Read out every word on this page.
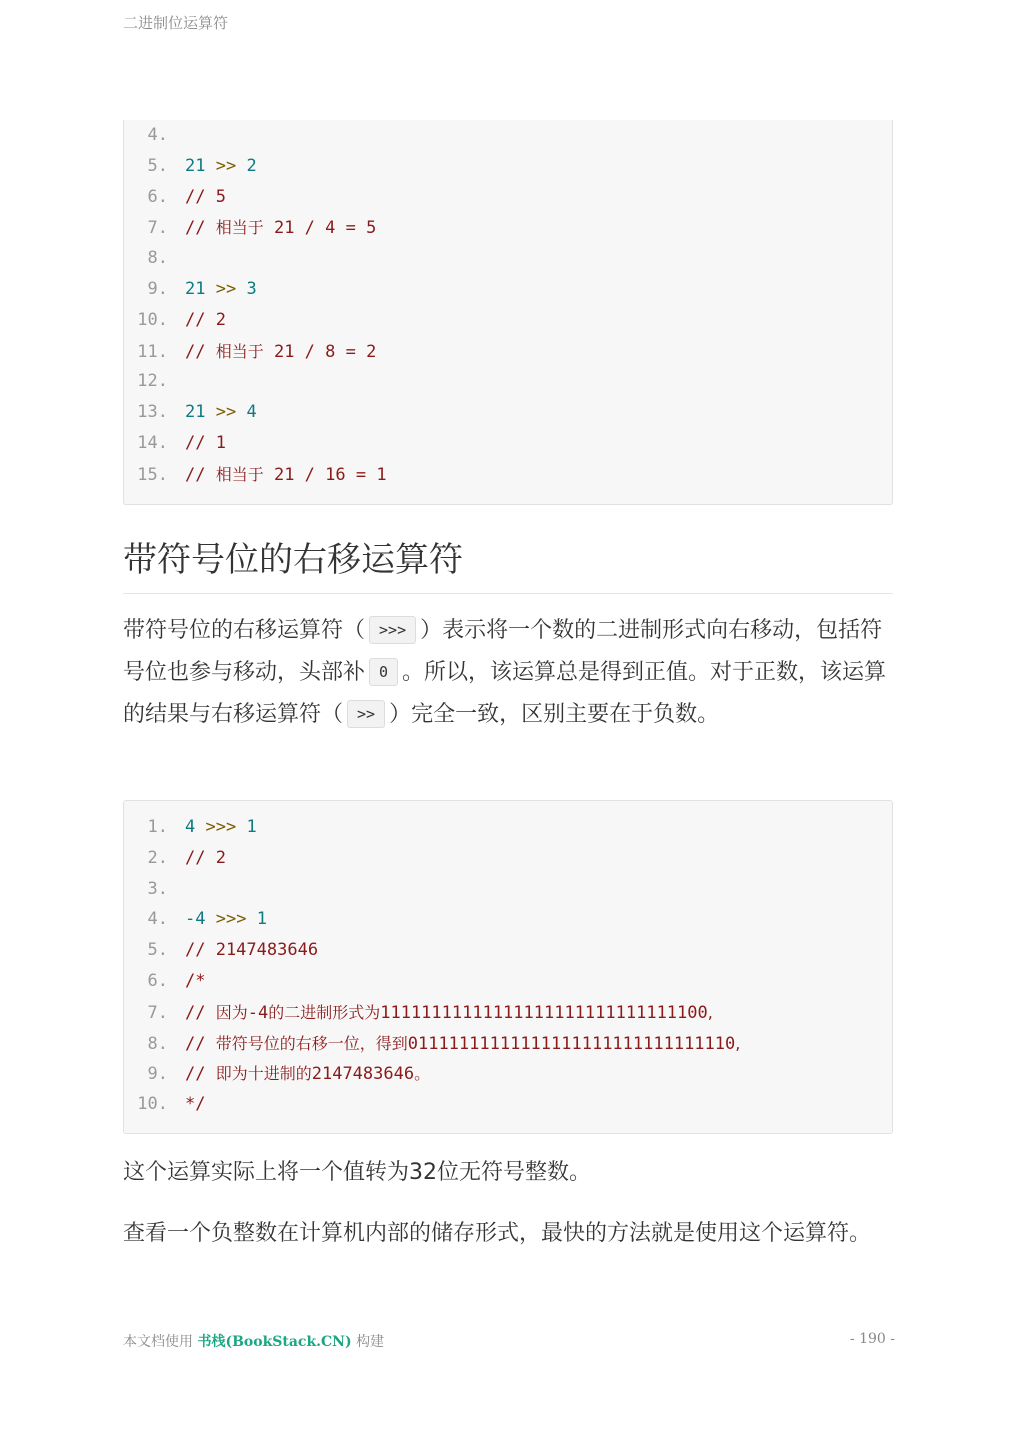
二进制位运算符
4.
5. 21 >> 2
6. // 5
7. // 相当于 21 / 4 = 5
8.
9. 21 >> 3
10. // 2
11. // 相当于 21 / 8 = 2
12.
13. 21 >> 4
14. // 1
15. // 相当于 21 / 16 = 1
带符号位的右移运算符

带符号位的右移运算符（ >>> ）表示将一个数的二进制形式向右移动，包括符号位也参与移动，头部补 0 。所以，该运算总是得到正值。对于正数，该运算的结果与右移运算符（ >> ）完全一致，区别主要在于负数。

1. 4 >>> 1
2. // 2
3.
4. -4 >>> 1
5. // 2147483646
6. /*
7. // 因为-4的二进制形式为11111111111111111111111111111100,
8. // 带符号位的右移一位，得到01111111111111111111111111111110,
9. // 即为十进制的2147483646。
10. */

这个运算实际上将一个值转为32位无符号整数。

查看一个负整数在计算机内部的储存形式，最快的方法就是使用这个运算符。

本文档使用 书栈(BookStack.CN) 构建	- 190 -
